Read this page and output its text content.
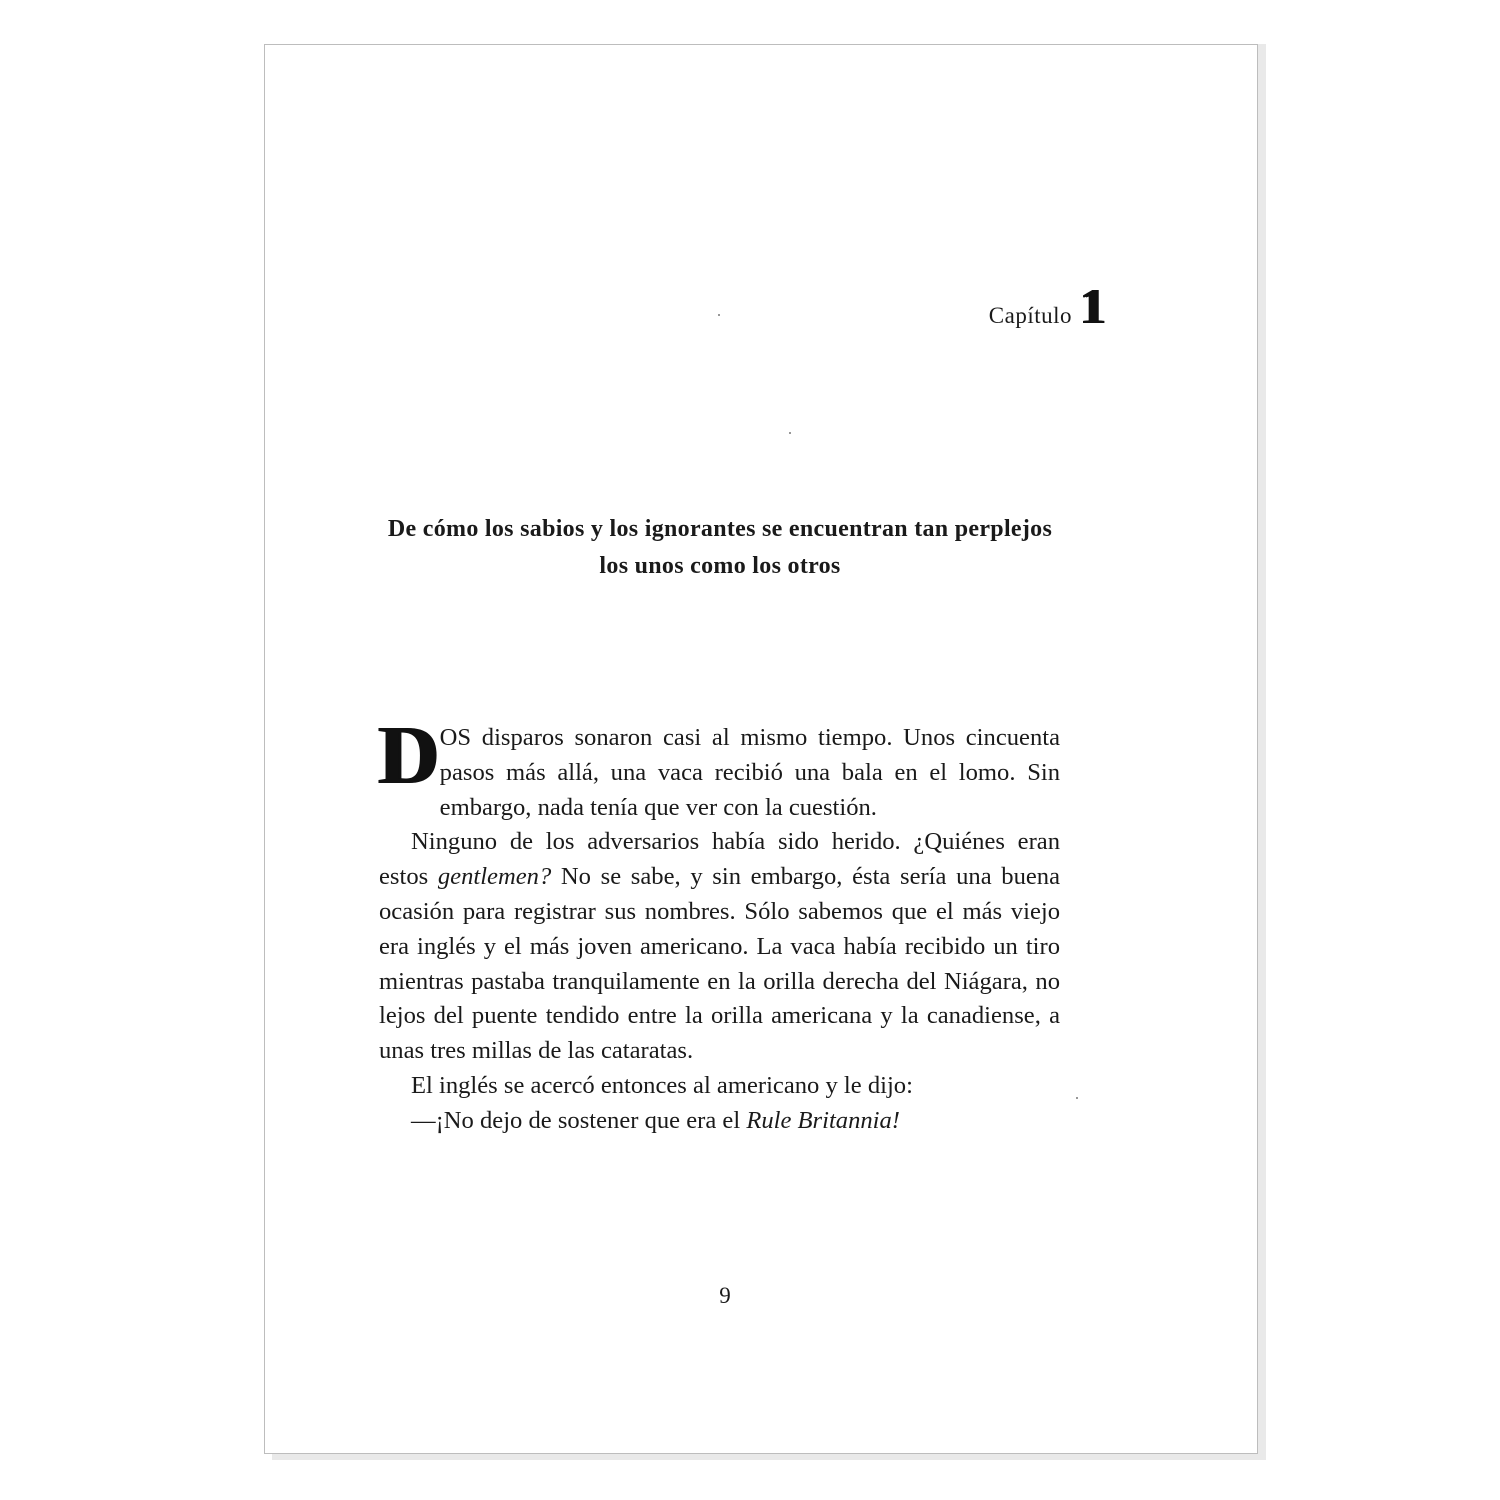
Capítulo 1
De cómo los sabios y los ignorantes se encuentran tan perplejos los unos como los otros

DOS disparos sonaron casi al mismo tiempo. Unos cincuenta pasos más allá, una vaca recibió una bala en el lomo. Sin embargo, nada tenía que ver con la cuestión.

Ninguno de los adversarios había sido herido. ¿Quiénes eran estos gentlemen? No se sabe, y sin embargo, ésta sería una buena ocasión para registrar sus nombres. Sólo sabemos que el más viejo era inglés y el más joven americano. La vaca había recibido un tiro mientras pastaba tranquilamente en la orilla derecha del Niágara, no lejos del puente tendido entre la orilla americana y la canadiense, a unas tres millas de las cataratas.

El inglés se acercó entonces al americano y le dijo:

—¡No dejo de sostener que era el Rule Britannia!

9
